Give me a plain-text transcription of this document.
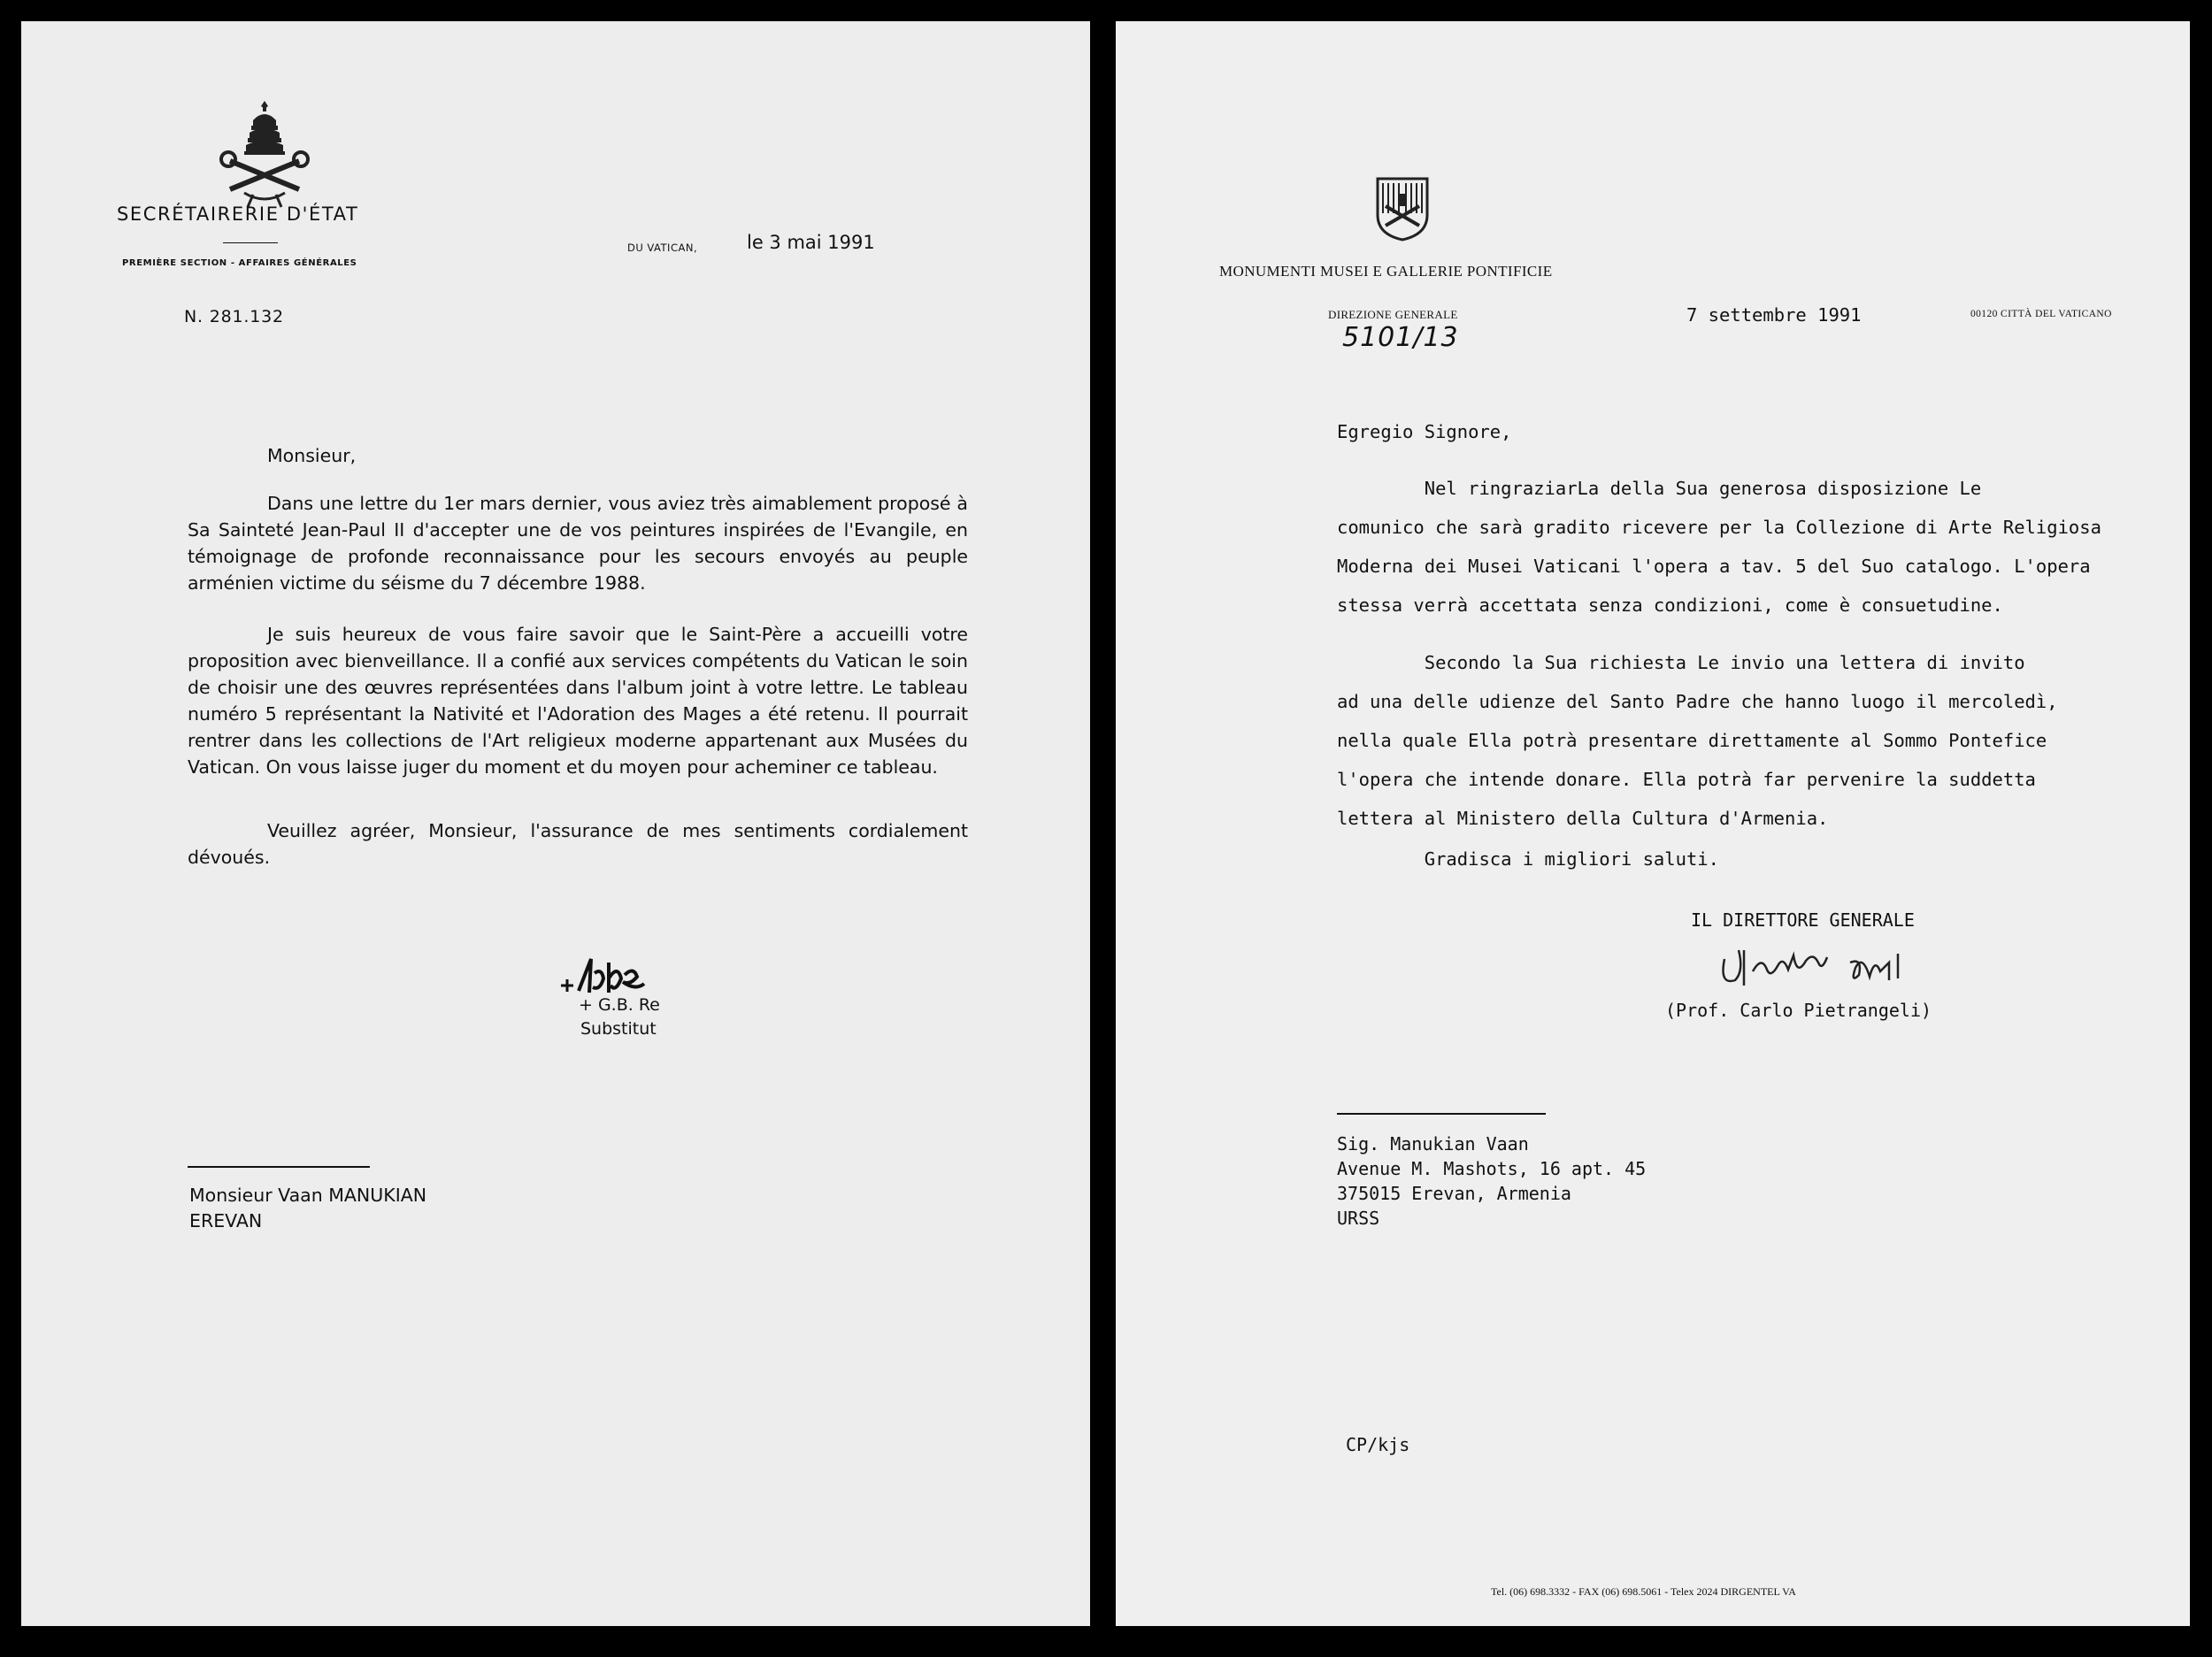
SECRÉTAIRERIE D'ÉTAT

PREMIÈRE SECTION - AFFAIRES GÉNÉRALES

DU VATICAN,	le 3 mai 1991

N. 281.132

Monsieur,

Dans une lettre du 1er mars dernier, vous aviez très aimablement proposé à Sa Sainteté Jean-Paul II d'accepter une de vos peintures inspirées de l'Evangile, en témoignage de profonde reconnaissance pour les secours envoyés au peuple arménien victime du séisme du 7 décembre 1988.

Je suis heureux de vous faire savoir que le Saint-Père a accueilli votre proposition avec bienveillance. Il a confié aux services compétents du Vatican le soin de choisir une des œuvres représentées dans l'album joint à votre lettre. Le tableau numéro 5 représentant la Nativité et l'Adoration des Mages a été retenu. Il pourrait rentrer dans les collections de l'Art religieux moderne appartenant aux Musées du Vatican. On vous laisse juger du moment et du moyen pour acheminer ce tableau.

Veuillez agréer, Monsieur, l'assurance de mes sentiments cordialement dévoués.

+ G.B. Re

Substitut

Monsieur Vaan MANUKIAN

EREVAN

MONUMENTI MUSEI E GALLERIE PONTIFICIE

DIREZIONE GENERALE	7 settembre 1991	00120 CITTÀ DEL VATICANO

5101/13

Egregio Signore,

Nel ringraziarLa della Sua generosa disposizione Le
comunico che sarà gradito ricevere per la Collezione di Arte Religiosa
Moderna dei Musei Vaticani l'opera a tav. 5 del Suo catalogo. L'opera
stessa verrà accettata senza condizioni, come è consuetudine.

Secondo la Sua richiesta Le invio una lettera di invito
ad una delle udienze del Santo Padre che hanno luogo il mercoledì,
nella quale Ella potrà presentare direttamente al Sommo Pontefice
l'opera che intende donare. Ella potrà far pervenire la suddetta
lettera al Ministero della Cultura d'Armenia.

Gradisca i migliori saluti.

IL DIRETTORE GENERALE

(Prof. Carlo Pietrangeli)

Sig. Manukian Vaan

Avenue M. Mashots, 16 apt. 45

375015 Erevan, Armenia

URSS

CP/kjs

Tel. (06) 698.3332 - FAX (06) 698.5061 - Telex 2024 DIRGENTEL VA
